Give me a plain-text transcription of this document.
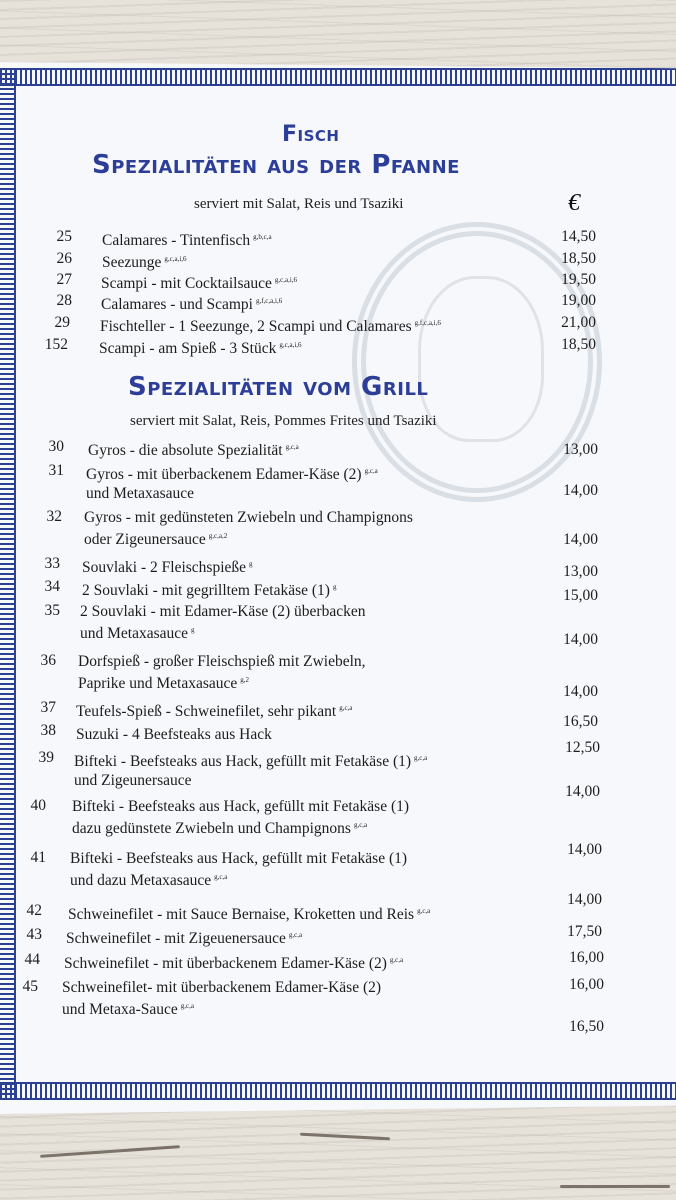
Fisch
Spezialitäten aus der Pfanne
serviert mit Salat, Reis und Tsaziki	€
25 Calamares - Tintenfisch $^{g,b,c,a}$	14,50
26 Seezunge $^{g,c,a,i,6}$	18,50
27 Scampi - mit Cocktailsauce $^{g,c,a,i,6}$	19,50
28 Calamares - und Scampi $^{g,f,c,a,i,6}$	19,00
29 Fischteller - 1 Seezunge, 2 Scampi und Calamares $^{g,f,c,a,i,6}$	21,00
152 Scampi - am Spieß - 3 Stück $^{g,c,a,i,6}$	18,50
Spezialitäten vom Grill
serviert mit Salat, Reis, Pommes Frites und Tsaziki
30 Gyros - die absolute Spezialität $^{g,c,a}$	13,00
31 Gyros - mit überbackenem Edamer-Käse (2) $^{g,c,a}$
und Metaxasauce	14,00
32 Gyros - mit gedünsteten Zwiebeln und Champignons
oder Zigeunersauce $^{g,c,a,2}$	14,00
33 Souvlaki - 2 Fleischspieße $^g$	13,00
34 2 Souvlaki - mit gegrilltem Fetakäse (1) $^g$	15,00
35 2 Souvlaki - mit Edamer-Käse (2) überbacken
und Metaxasauce $^g$
14,00
36 Dorfspieß - großer Fleischspieß mit Zwiebeln,
Paprike und Metaxasauce $^{g,2}$
14,00
37 Teufels-Spieß - Schweinefilet, sehr pikant $^{g,c,a}$
16,50
38 Suzuki - 4 Beefsteaks aus Hack
12,50
39 Bifteki - Beefsteaks aus Hack, gefüllt mit Fetakäse (1) $^{g,c,a}$
und Zigeunersauce
14,00
40 Bifteki - Beefsteaks aus Hack, gefüllt mit Fetakäse (1)
dazu gedünstete Zwiebeln und Champignons $^{g,c,a}$
14,00
41 Bifteki - Beefsteaks aus Hack, gefüllt mit Fetakäse (1)
und dazu Metaxasauce $^{g,c,a}$
14,00
42 Schweinefilet - mit Sauce Bernaise, Kroketten und Reis $^{g,c,a}$
17,50
43 Schweinefilet - mit Zigeuenersauce $^{g,c,a}$
16,00
44 Schweinefilet - mit überbackenem Edamer-Käse (2) $^{g,c,a}$
16,00
45 Schweinefilet- mit überbackenem Edamer-Käse (2)
und Metaxa-Sauce $^{g,c,a}$
16,50
